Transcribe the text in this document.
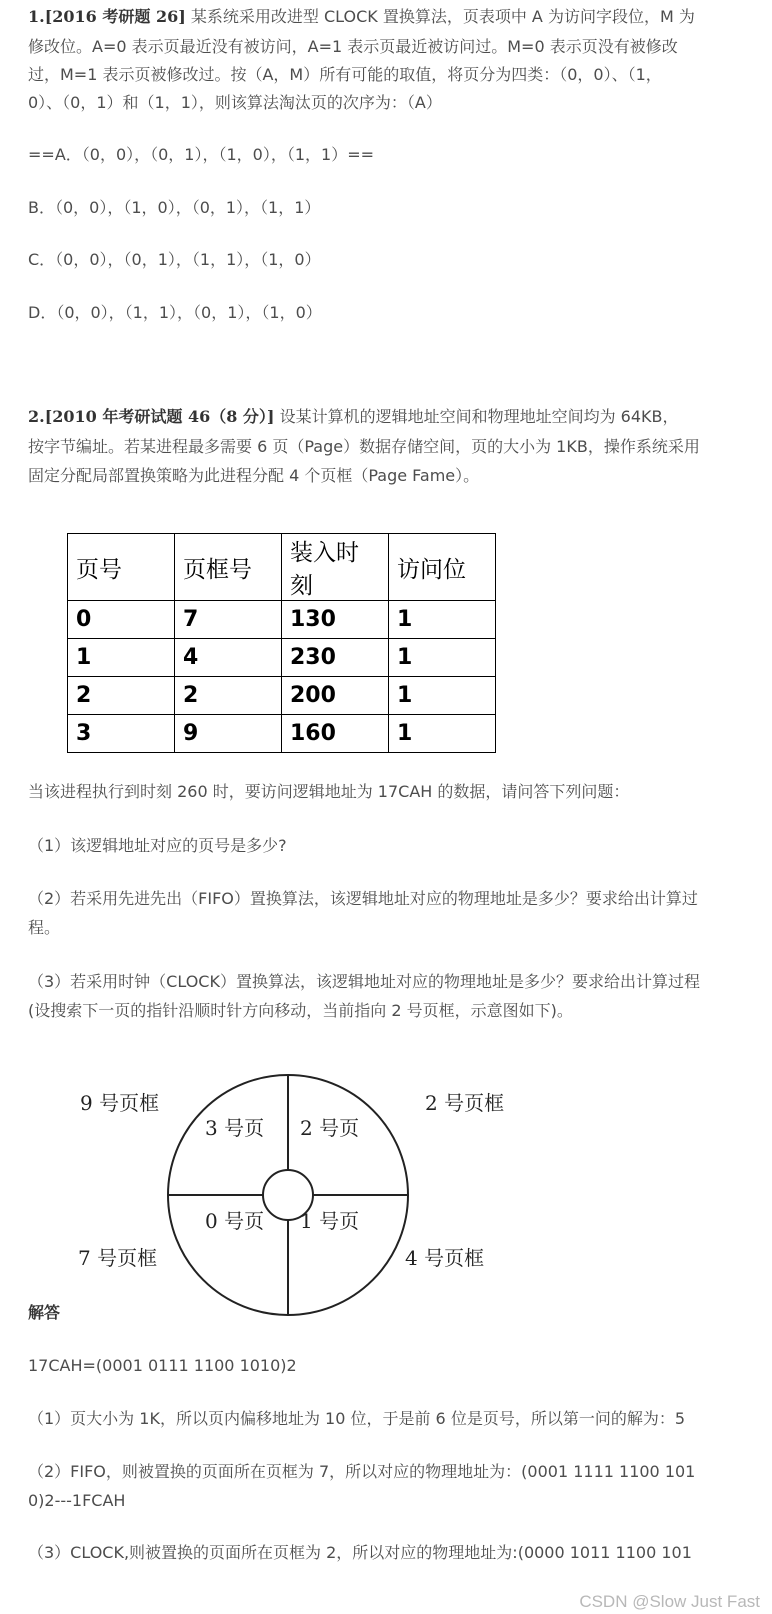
1.[2016 考研题 26] 某系统采用改进型 CLOCK 置换算法，页表项中 A 为访问字段位，M 为

修改位。A=0 表示页最近没有被访问，A=1 表示页最近被访问过。M=0 表示页没有被修改

过，M=1 表示页被修改过。按（A，M）所有可能的取值，将页分为四类：（0，0）、（1，

0）、（0，1）和（1，1），则该算法淘汰页的次序为：（A）

==A．（0，0），（0，1），（1，0），（1，1）==

B．（0，0），（1，0），（0，1），（1，1）

C．（0，0），（0，1），（1，1），（1，0）

D．（0，0），（1，1），（0，1），（1，0）

2.[2010 年考研试题 46（8 分）] 设某计算机的逻辑地址空间和物理地址空间均为 64KB，

按字节编址。若某进程最多需要 6 页（Page）数据存储空间，页的大小为 1KB，操作系统采用

固定分配局部置换策略为此进程分配 4 个页框（Page Fame）。

页号	页框号	装入时刻	访问位
0	7	130	1
1	4	230	1
2	2	200	1
3	9	160	1

当该进程执行到时刻 260 时，要访问逻辑地址为 17CAH 的数据，请问答下列问题：

（1）该逻辑地址对应的页号是多少?

（2）若采用先进先出（FIFO）置换算法，该逻辑地址对应的物理地址是多少？要求给出计算过

程。

（3）若采用时钟（CLOCK）置换算法，该逻辑地址对应的物理地址是多少？要求给出计算过程

(设搜索下一页的指针沿顺时针方向移动，当前指向 2 号页框，示意图如下)。

9 号页框	2 号页框
7 号页框	4 号页框
3 号页 2 号页
0 号页 1 号页

解答

17CAH=(0001 0111 1100 1010)2

（1）页大小为 1K，所以页内偏移地址为 10 位，于是前 6 位是页号，所以第一问的解为：5

（2）FIFO，则被置换的页面所在页框为 7，所以对应的物理地址为：(0001 1111 1100 101

0)2---1FCAH

（3）CLOCK,则被置换的页面所在页框为 2，所以对应的物理地址为:(0000 1011 1100 101

CSDN @Slow Just Fast
